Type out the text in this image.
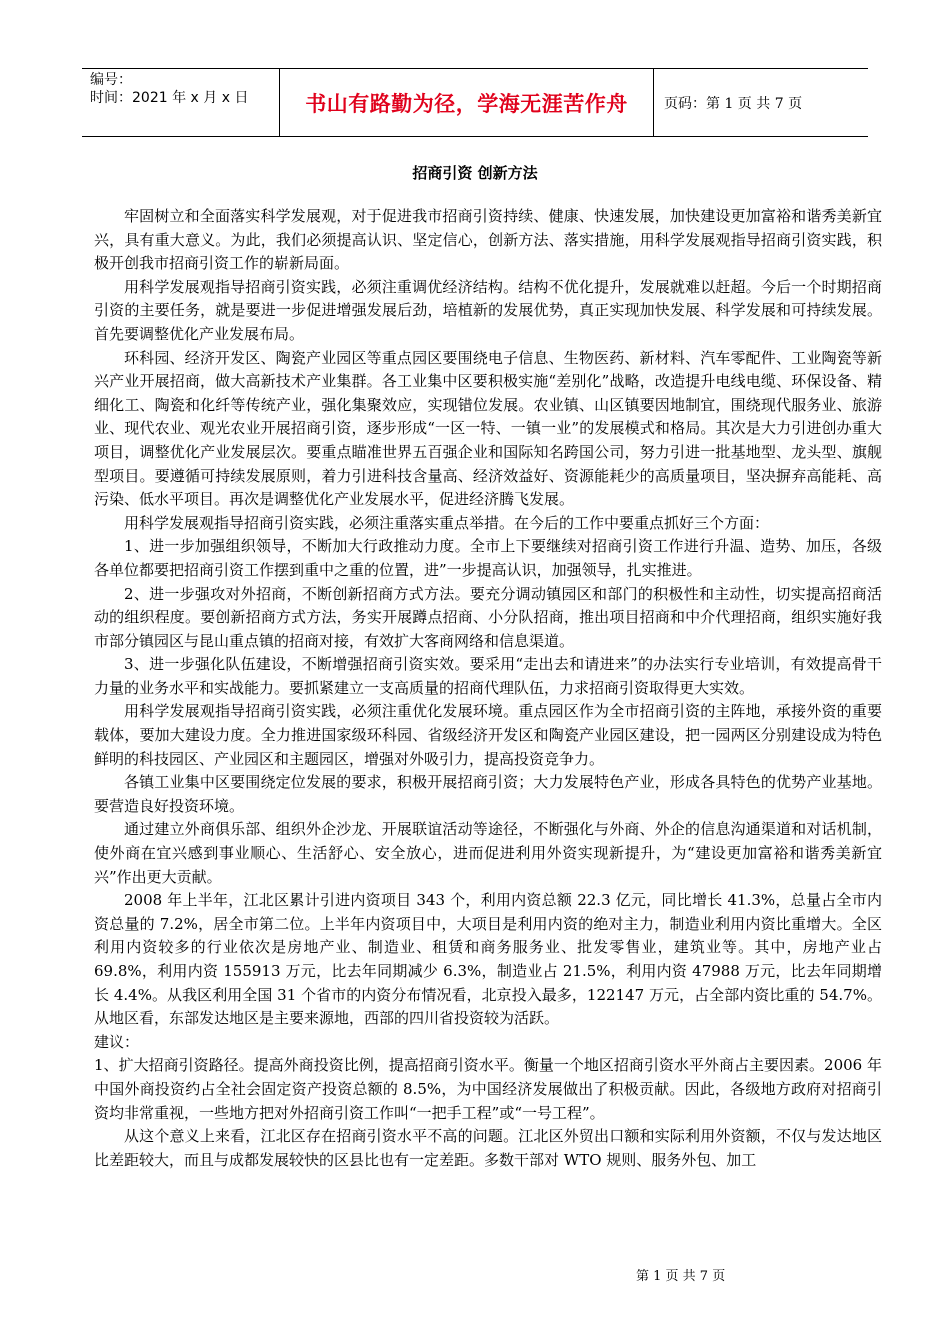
编号：
时间：2021 年 x 月 x 日	书山有路勤为径，学海无涯苦作舟	页码：第 1 页 共 7 页
招商引资 创新方法

牢固树立和全面落实科学发展观，对于促进我市招商引资持续、健康、快速发展，加快建设更加富裕和谐秀美新宜兴，具有重大意义。为此，我们必须提高认识、坚定信心，创新方法、落实措施，用科学发展观指导招商引资实践，积极开创我市招商引资工作的崭新局面。

用科学发展观指导招商引资实践，必须注重调优经济结构。结构不优化提升，发展就难以赶超。今后一个时期招商引资的主要任务，就是要进一步促进增强发展后劲，培植新的发展优势，真正实现加快发展、科学发展和可持续发展。首先要调整优化产业发展布局。

环科园、经济开发区、陶瓷产业园区等重点园区要围绕电子信息、生物医药、新材料、汽车零配件、工业陶瓷等新兴产业开展招商，做大高新技术产业集群。各工业集中区要积极实施“差别化”战略，改造提升电线电缆、环保设备、精细化工、陶瓷和化纤等传统产业，强化集聚效应，实现错位发展。农业镇、山区镇要因地制宜，围绕现代服务业、旅游业、现代农业、观光农业开展招商引资，逐步形成“一区一特、一镇一业”的发展模式和格局。其次是大力引进创办重大项目，调整优化产业发展层次。要重点瞄准世界五百强企业和国际知名跨国公司，努力引进一批基地型、龙头型、旗舰型项目。要遵循可持续发展原则，着力引进科技含量高、经济效益好、资源能耗少的高质量项目，坚决摒弃高能耗、高污染、低水平项目。再次是调整优化产业发展水平，促进经济腾飞发展。

用科学发展观指导招商引资实践，必须注重落实重点举措。在今后的工作中要重点抓好三个方面：

1、进一步加强组织领导，不断加大行政推动力度。全市上下要继续对招商引资工作进行升温、造势、加压，各级各单位都要把招商引资工作摆到重中之重的位置，进”一步提高认识，加强领导，扎实推进。

2、进一步强攻对外招商，不断创新招商方式方法。要充分调动镇园区和部门的积极性和主动性，切实提高招商活动的组织程度。要创新招商方式方法，务实开展蹲点招商、小分队招商，推出项目招商和中介代理招商，组织实施好我市部分镇园区与昆山重点镇的招商对接，有效扩大客商网络和信息渠道。

3、进一步强化队伍建设，不断增强招商引资实效。要采用“走出去和请进来”的办法实行专业培训，有效提高骨干力量的业务水平和实战能力。要抓紧建立一支高质量的招商代理队伍，力求招商引资取得更大实效。

用科学发展观指导招商引资实践，必须注重优化发展环境。重点园区作为全市招商引资的主阵地，承接外资的重要载体，要加大建设力度。全力推进国家级环科园、省级经济开发区和陶瓷产业园区建设，把一园两区分别建设成为特色鲜明的科技园区、产业园区和主题园区，增强对外吸引力，提高投资竞争力。

各镇工业集中区要围绕定位发展的要求，积极开展招商引资；大力发展特色产业，形成各具特色的优势产业基地。要营造良好投资环境。

通过建立外商俱乐部、组织外企沙龙、开展联谊活动等途径，不断强化与外商、外企的信息沟通渠道和对话机制，使外商在宜兴感到事业顺心、生活舒心、安全放心，进而促进利用外资实现新提升，为“建设更加富裕和谐秀美新宜兴”作出更大贡献。

2008 年上半年，江北区累计引进内资项目 343 个，利用内资总额 22.3 亿元，同比增长 41.3%，总量占全市内资总量的 7.2%，居全市第二位。上半年内资项目中，大项目是利用内资的绝对主力，制造业利用内资比重增大。全区利用内资较多的行业依次是房地产业、制造业、租赁和商务服务业、批发零售业，建筑业等。其中，房地产业占 69.8%，利用内资 155913 万元，比去年同期减少 6.3%，制造业占 21.5%，利用内资 47988 万元，比去年同期增长 4.4%。从我区利用全国 31 个省市的内资分布情况看，北京投入最多，122147 万元，占全部内资比重的 54.7%。从地区看，东部发达地区是主要来源地，西部的四川省投资较为活跃。

建议：

1、扩大招商引资路径。提高外商投资比例，提高招商引资水平。衡量一个地区招商引资水平外商占主要因素。2006 年中国外商投资约占全社会固定资产投资总额的 8.5%，为中国经济发展做出了积极贡献。因此，各级地方政府对招商引资均非常重视，一些地方把对外招商引资工作叫“一把手工程”或“一号工程”。

从这个意义上来看，江北区存在招商引资水平不高的问题。江北区外贸出口额和实际利用外资额，不仅与发达地区比差距较大，而且与成都发展较快的区县比也有一定差距。多数干部对 WTO 规则、服务外包、加工

第 1 页 共 7 页
